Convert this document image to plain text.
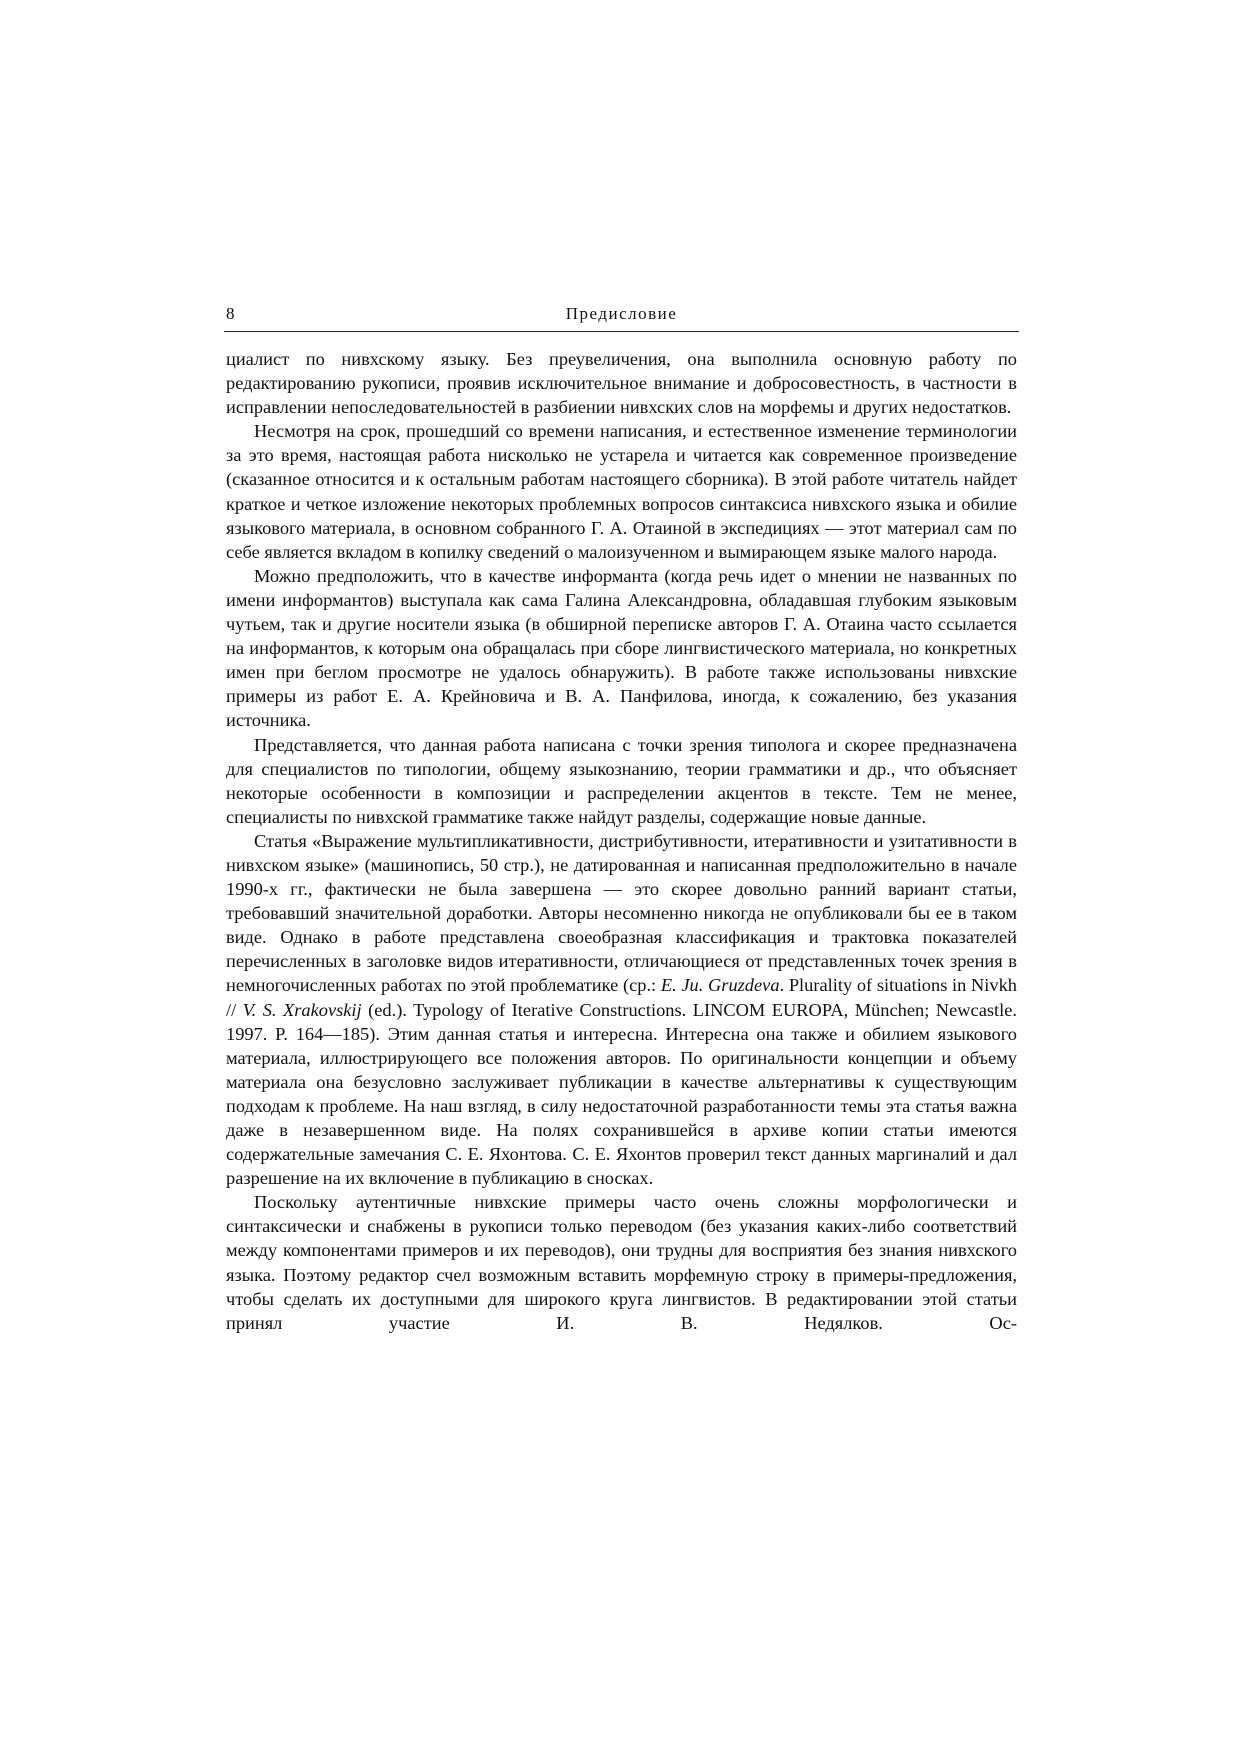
8	Предисловие

циалист по нивхскому языку. Без преувеличения, она выполнила основную работу по редактированию рукописи, проявив исключительное внимание и добросовестность, в частности в исправлении непоследовательностей в разбиении нивхских слов на морфемы и других недостатков.

Несмотря на срок, прошедший со времени написания, и естественное изменение терминологии за это время, настоящая работа нисколько не устарела и читается как современное произведение (сказанное относится и к остальным работам настоящего сборника). В этой работе читатель найдет краткое и четкое изложение некоторых проблемных вопросов синтаксиса нивхского языка и обилие языкового материала, в основном собранного Г. А. Отаиной в экспедициях — этот материал сам по себе является вкладом в копилку сведений о малоизученном и вымирающем языке малого народа.

Можно предположить, что в качестве информанта (когда речь идет о мнении не названных по имени информантов) выступала как сама Галина Александровна, обладавшая глубоким языковым чутьем, так и другие носители языка (в обширной переписке авторов Г. А. Отаина часто ссылается на информантов, к которым она обращалась при сборе лингвистического материала, но конкретных имен при беглом просмотре не удалось обнаружить). В работе также использованы нивхские примеры из работ Е. А. Крейновича и В. А. Панфилова, иногда, к сожалению, без указания источника.

Представляется, что данная работа написана с точки зрения типолога и скорее предназначена для специалистов по типологии, общему языкознанию, теории грамматики и др., что объясняет некоторые особенности в композиции и распределении акцентов в тексте. Тем не менее, специалисты по нивхской грамматике также найдут разделы, содержащие новые данные.

Статья «Выражение мультипликативности, дистрибутивности, итеративности и узитативности в нивхском языке» (машинопись, 50 стр.), не датированная и написанная предположительно в начале 1990-х гг., фактически не была завершена — это скорее довольно ранний вариант статьи, требовавший значительной доработки. Авторы несомненно никогда не опубликовали бы ее в таком виде. Однако в работе представлена своеобразная классификация и трактовка показателей перечисленных в заголовке видов итеративности, отличающиеся от представленных точек зрения в немногочисленных работах по этой проблематике (ср.: E. Ju. Gruzdeva. Plurality of situations in Nivkh // V. S. Xrakovskij (ed.). Typology of Iterative Constructions. LINCOM EUROPA, München; Newcastle. 1997. P. 164—185). Этим данная статья и интересна. Интересна она также и обилием языкового материала, иллюстрирующего все положения авторов. По оригинальности концепции и объему материала она безусловно заслуживает публикации в качестве альтернативы к существующим подходам к проблеме. На наш взгляд, в силу недостаточной разработанности темы эта статья важна даже в незавершенном виде. На полях сохранившейся в архиве копии статьи имеются содержательные замечания С. Е. Яхонтова. С. Е. Яхонтов проверил текст данных маргиналий и дал разрешение на их включение в публикацию в сносках.

Поскольку аутентичные нивхские примеры часто очень сложны морфологически и синтаксически и снабжены в рукописи только переводом (без указания каких-либо соответствий между компонентами примеров и их переводов), они трудны для восприятия без знания нивхского языка. Поэтому редактор счел возможным вставить морфемную строку в примеры-предложения, чтобы сделать их доступными для широкого круга лингвистов. В редактировании этой статьи принял участие И. В. Недялков. Ос-
